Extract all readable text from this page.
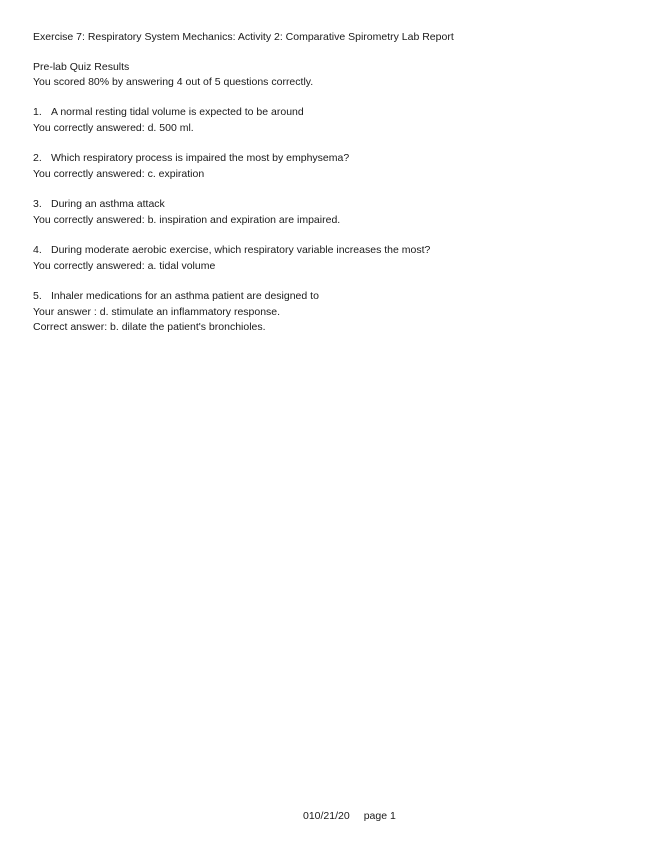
Exercise 7: Respiratory System Mechanics: Activity 2: Comparative Spirometry Lab Report
Pre-lab Quiz Results
You scored 80% by answering 4 out of 5 questions correctly.
1. A normal resting tidal volume is expected to be around
You correctly answered: d. 500 ml.
2. Which respiratory process is impaired the most by emphysema?
You correctly answered: c. expiration
3. During an asthma attack
You correctly answered: b. inspiration and expiration are impaired.
4. During moderate aerobic exercise, which respiratory variable increases the most?
You correctly answered: a. tidal volume
5. Inhaler medications for an asthma patient are designed to
Your answer : d. stimulate an inflammatory response.
Correct answer: b. dilate the patient's bronchioles.
010/21/20 page 1
